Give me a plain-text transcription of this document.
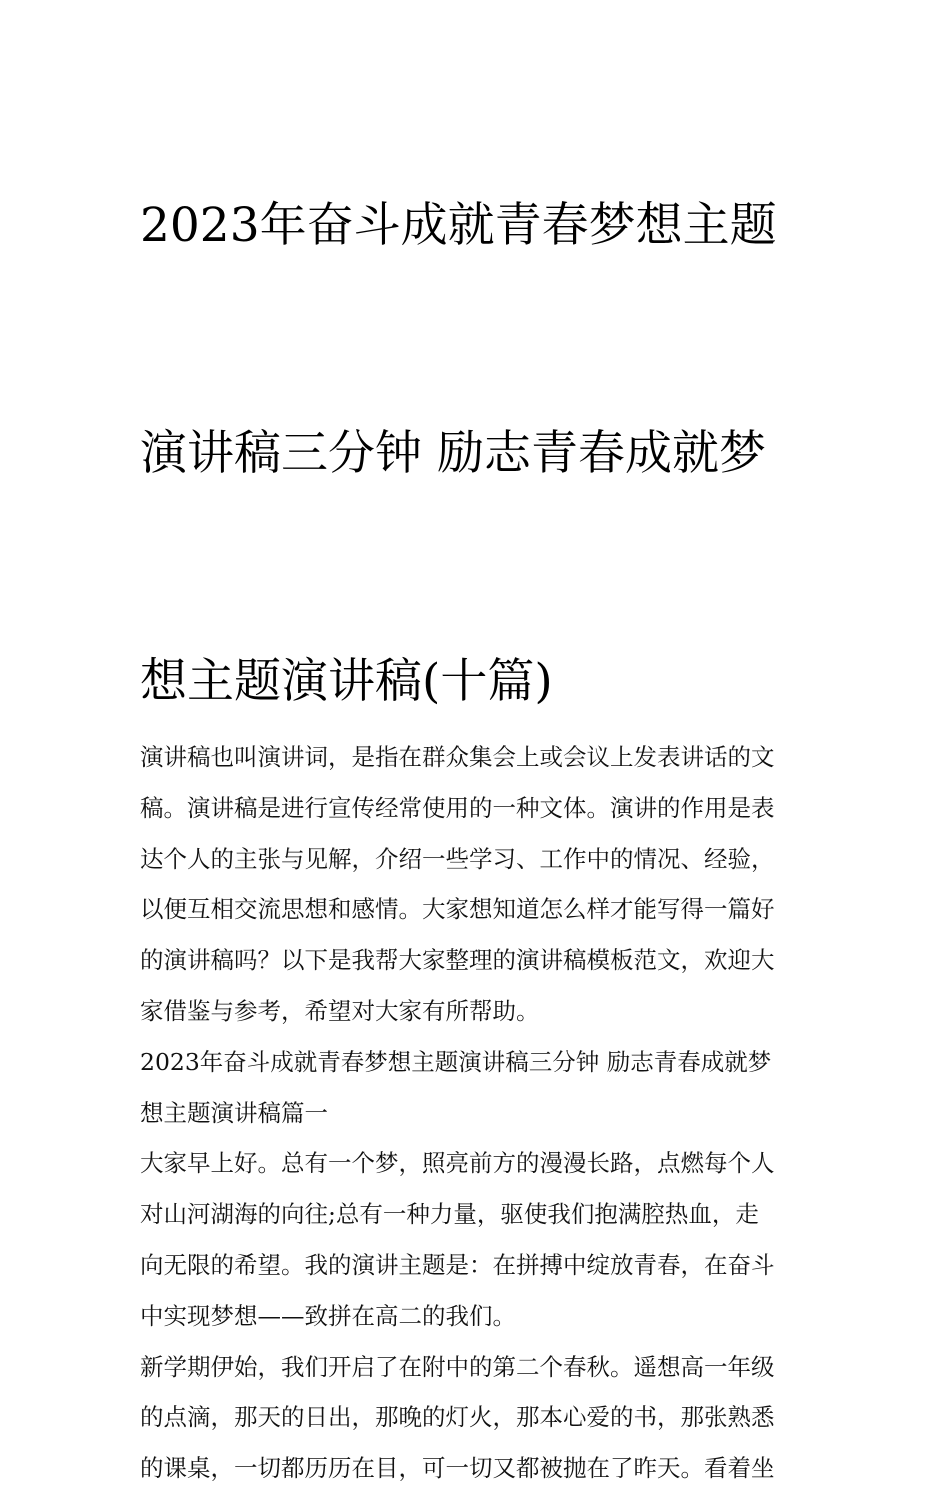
2023年奋斗成就青春梦想主题

演讲稿三分钟 励志青春成就梦

想主题演讲稿(十篇)

演讲稿也叫演讲词，是指在群众集会上或会议上发表讲话的文
稿。演讲稿是进行宣传经常使用的一种文体。演讲的作用是表
达个人的主张与见解，介绍一些学习、工作中的情况、经验，
以便互相交流思想和感情。大家想知道怎么样才能写得一篇好
的演讲稿吗？以下是我帮大家整理的演讲稿模板范文，欢迎大
家借鉴与参考，希望对大家有所帮助。

2023年奋斗成就青春梦想主题演讲稿三分钟 励志青春成就梦
想主题演讲稿篇一

大家早上好。总有一个梦，照亮前方的漫漫长路，点燃每个人
对山河湖海的向往;总有一种力量，驱使我们抱满腔热血，走
向无限的希望。我的演讲主题是：在拼搏中绽放青春，在奋斗
中实现梦想——致拼在高二的我们。

新学期伊始，我们开启了在附中的第二个春秋。遥想高一年级
的点滴，那天的日出，那晚的灯火，那本心爱的书，那张熟悉
的课桌，一切都历历在目，可一切又都被抛在了昨天。看着坐
